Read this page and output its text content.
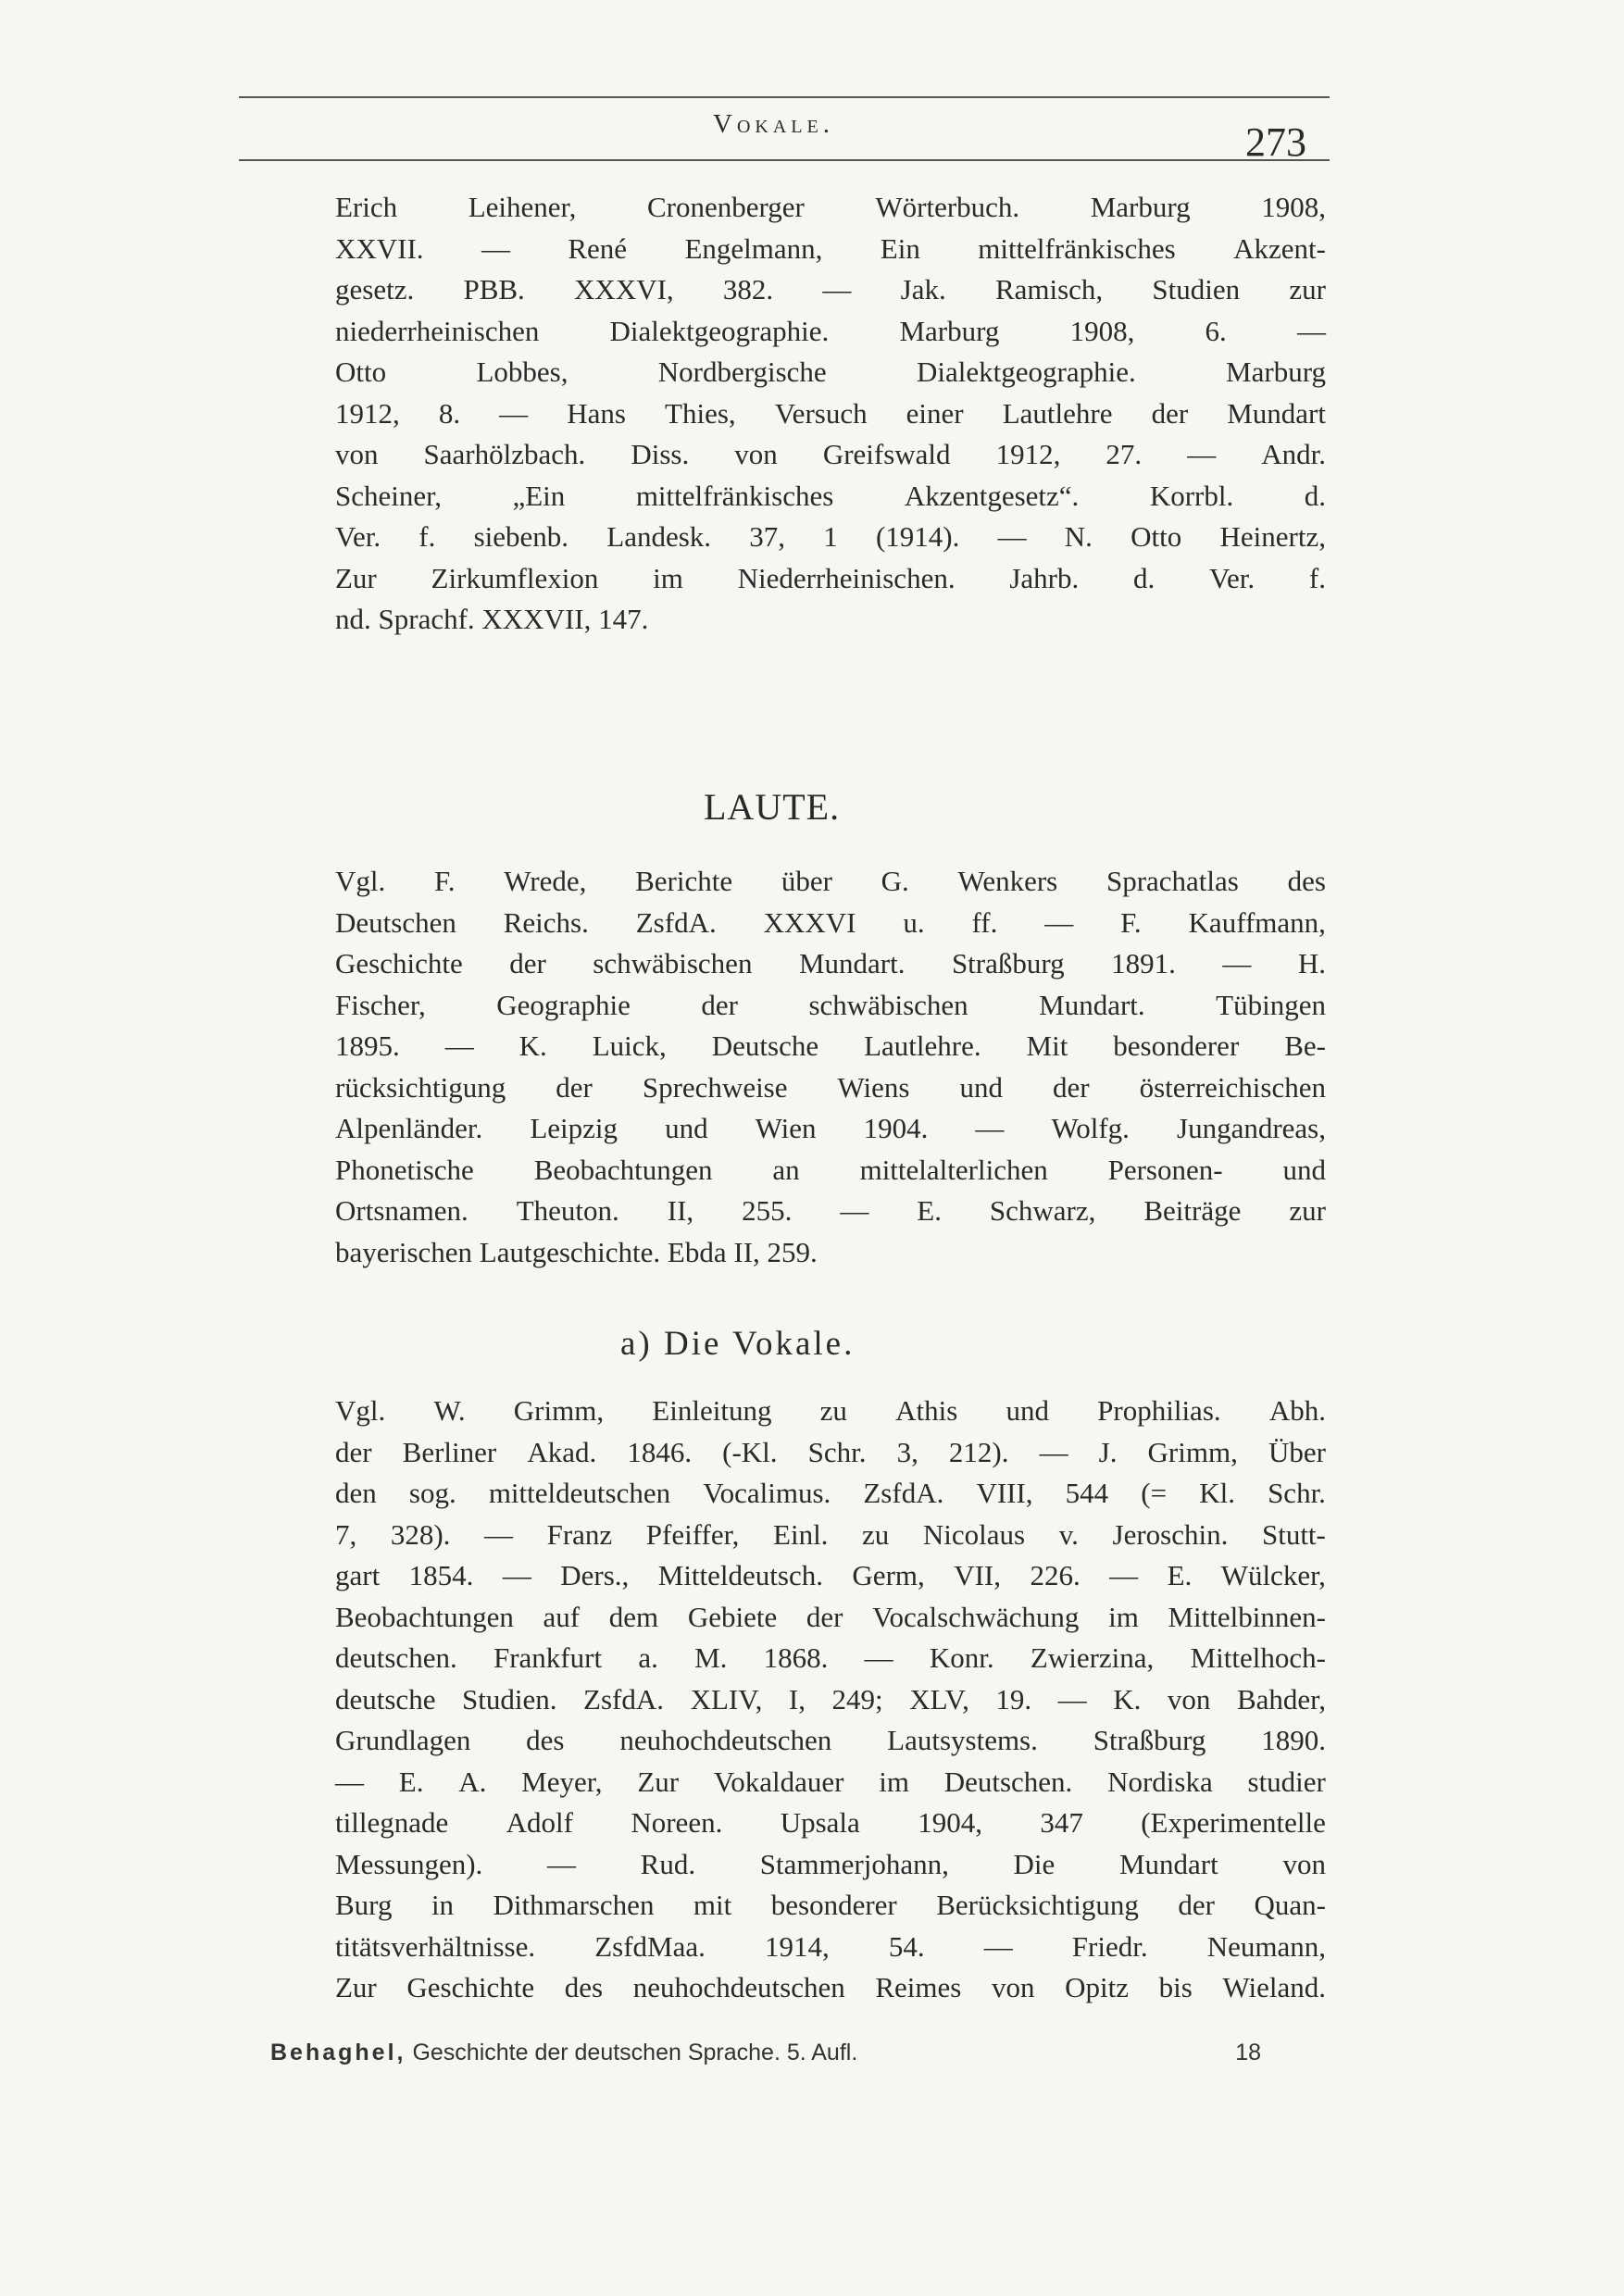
Vokale.	273
Erich Leihener, Cronenberger Wörterbuch. Marburg 1908,
XXVII. — René Engelmann, Ein mittelfränkisches Akzent-
gesetz. PBB. XXXVI, 382. — Jak. Ramisch, Studien zur
niederrheinischen Dialektgeographie. Marburg 1908, 6. —
Otto	Lobbes,	Nordbergische	Dialektgeographie.	Marburg
1912, 8. — Hans Thies, Versuch einer Lautlehre der Mundart
von Saarhölzbach. Diss. von Greifswald 1912, 27. — Andr.
Scheiner, „Ein mittelfränkisches Akzentgesetz“. Korrbl. d.
Ver. f. siebenb. Landesk. 37, 1 (1914). — N. Otto Heinertz,
Zur Zirkumflexion im Niederrheinischen. Jahrb. d. Ver. f.
nd. Sprachf. XXXVII, 147.
LAUTE.
Vgl. F. Wrede, Berichte über G. Wenkers Sprachatlas des
Deutschen Reichs. ZsfdA. XXXVI u. ff. — F. Kauffmann,
Geschichte der schwäbischen Mundart. Straßburg 1891. — H.
Fischer, Geographie der schwäbischen Mundart. Tübingen
1895. — K. Luick, Deutsche Lautlehre. Mit besonderer Be-
rücksichtigung der Sprechweise Wiens und der österreichischen
Alpenländer. Leipzig und Wien 1904. — Wolfg. Jungandreas,
Phonetische Beobachtungen an mittelalterlichen Personen- und
Ortsnamen. Theuton. II, 255. — E. Schwarz, Beiträge zur
bayerischen Lautgeschichte. Ebda II, 259.
a) Die Vokale.
Vgl. W. Grimm, Einleitung zu Athis und Prophilias. Abh.
der Berliner Akad. 1846. (-Kl. Schr. 3, 212). — J. Grimm, Über
den sog. mitteldeutschen Vocalimus. ZsfdA. VIII, 544 (= Kl. Schr.
7, 328). — Franz Pfeiffer, Einl. zu Nicolaus v. Jeroschin. Stutt-
gart 1854. — Ders., Mitteldeutsch. Germ, VII, 226. — E. Wülcker,
Beobachtungen auf dem Gebiete der Vocalschwächung im Mittelbinnen-
deutschen. Frankfurt a. M. 1868. — Konr. Zwierzina, Mittelhoch-
deutsche Studien. ZsfdA. XLIV, I, 249; XLV, 19. — K. von Bahder,
Grundlagen des neuhochdeutschen Lautsystems. Straßburg 1890.
— E. A. Meyer, Zur Vokaldauer im Deutschen. Nordiska studier
tillegnade Adolf Noreen. Upsala 1904, 347 (Experimentelle
Messungen). — Rud. Stammerjohann, Die Mundart von
Burg in Dithmarschen mit besonderer Berücksichtigung der Quan-
titätsverhältnisse. ZsfdMaa. 1914, 54. — Friedr. Neumann,
Zur Geschichte des neuhochdeutschen Reimes von Opitz bis Wieland.
Behaghel, Geschichte der deutschen Sprache. 5. Aufl.	18
